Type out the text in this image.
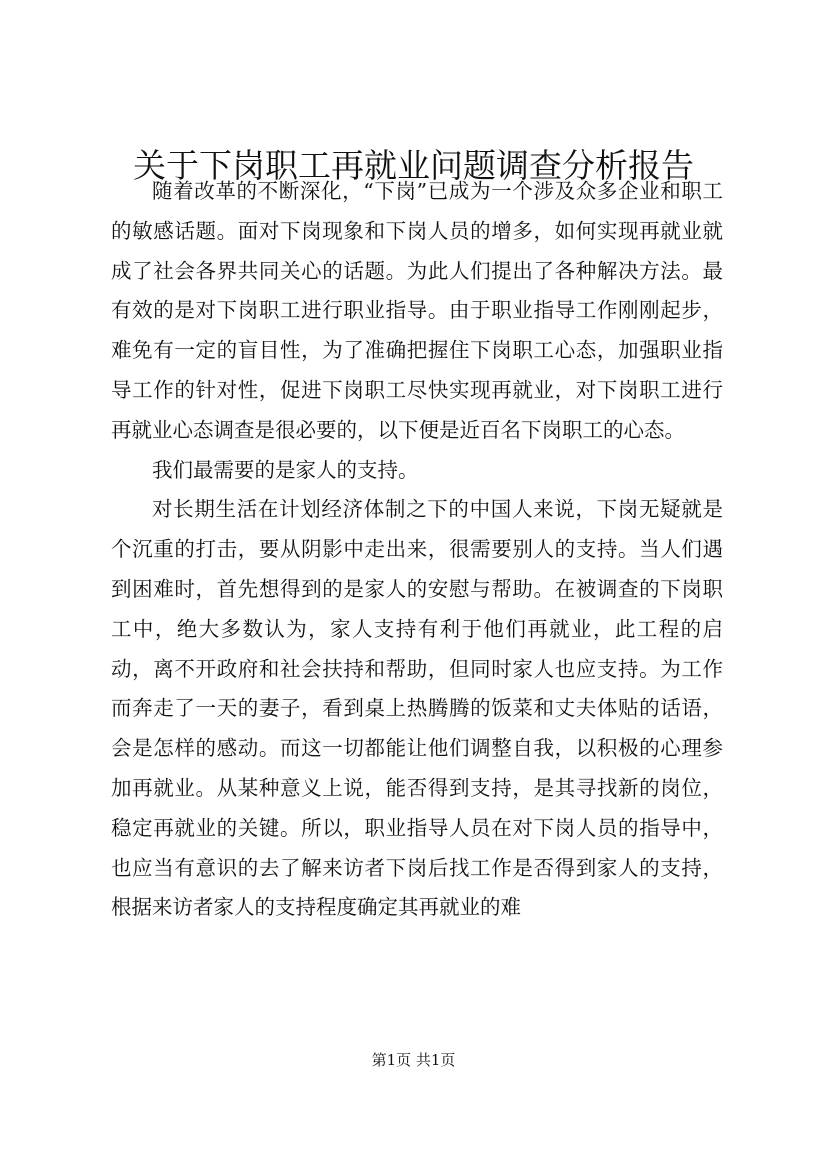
关于下岗职工再就业问题调查分析报告

随着改革的不断深化，“下岗”已成为一个涉及众多企业和职工的敏感话题。面对下岗现象和下岗人员的增多，如何实现再就业就成了社会各界共同关心的话题。为此人们提出了各种解决方法。最有效的是对下岗职工进行职业指导。由于职业指导工作刚刚起步，难免有一定的盲目性，为了准确把握住下岗职工心态，加强职业指导工作的针对性，促进下岗职工尽快实现再就业，对下岗职工进行再就业心态调查是很必要的，以下便是近百名下岗职工的心态。

我们最需要的是家人的支持。

对长期生活在计划经济体制之下的中国人来说，下岗无疑就是个沉重的打击，要从阴影中走出来，很需要别人的支持。当人们遇到困难时，首先想得到的是家人的安慰与帮助。在被调查的下岗职工中，绝大多数认为，家人支持有利于他们再就业，此工程的启动，离不开政府和社会扶持和帮助，但同时家人也应支持。为工作而奔走了一天的妻子，看到桌上热腾腾的饭菜和丈夫体贴的话语，会是怎样的感动。而这一切都能让他们调整自我，以积极的心理参加再就业。从某种意义上说，能否得到支持，是其寻找新的岗位，稳定再就业的关键。所以，职业指导人员在对下岗人员的指导中，也应当有意识的去了解来访者下岗后找工作是否得到家人的支持，根据来访者家人的支持程度确定其再就业的难

第1页 共1页
